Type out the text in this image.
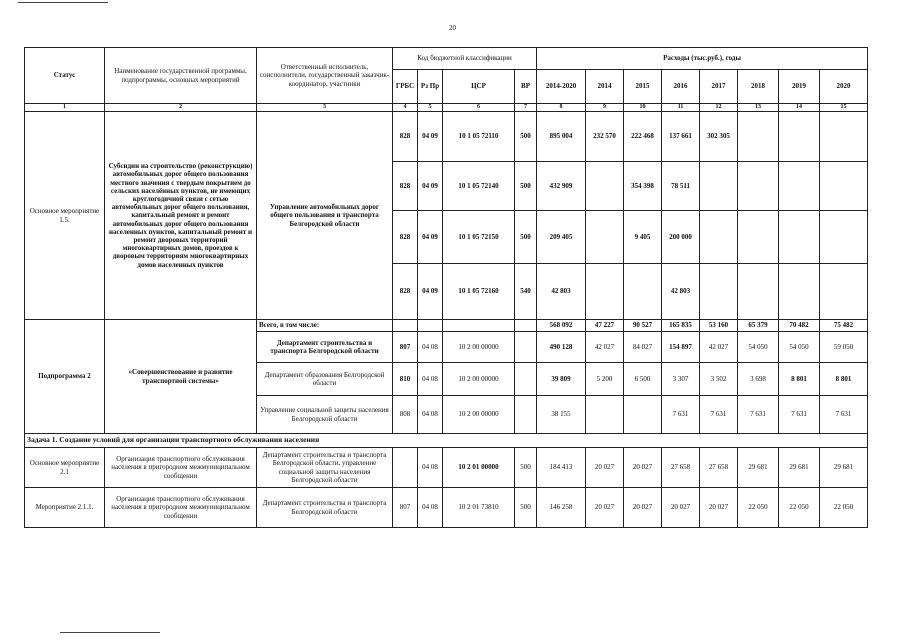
20
Статус	Наименование государственной программы, подпрограммы, основных мероприятий	Ответственный исполнитель, соисполнители, государственный заказчик-координатор, участники	Код бюджетной классификации				Расходы (тыс.руб.), годы							
			ГРБС	Рз Пр	ЦСР	ВР	2014-2020	2014	2015	2016	2017	2018	2019	2020
1	2	3	4	5	6	7	8	9	10	11	12	13	14	15
Основное мероприятие 1.5.	Субсидии на строительство (реконструкцию) автомобильных дорог общего пользования местного значения с твердым покрытием до сельских населённых пунктов, не имеющих круглогодичной связи с сетью автомобильных дорог общего пользования, капитальный ремонт и ремонт автомобильных дорог общего пользования населенных пунктов, капитальный ремонт и ремонт дворовых территорий многоквартирных домов, проездов к дворовым территориям многоквартирных домов населенных пунктов	Управление автомобильных дорог общего пользования и транспорта Белгородской области	828	04 09	10 1 05 72110	500	895 004	232 570	222 468	137 661	302 305			
			828	04 09	10 1 05 72140	500	432 909		354 398	78 511				
			828	04 09	10 1 05 72150	500	209 405		9 405	200 000				
			828	04 09	10 1 05 72160	540	42 803			42 803				
Подпрограмма 2	«Совершенствование и развитие транспортной системы»	Всего, в том числе:					568 092	47 227	90 527	165 835	53 160	65 379	70 482	75 482
		Департамент строительства и транспорта Белгородской области	807	04 08	10 2 00 00000		490 128	42 027	84 027	154 897	42 027	54 050	54 050	59 050
		Департамент образования Белгородской области	810	04 08	10 2 00 00000		39 809	5 200	6 500	3 307	3 502	3 698	8 801	8 801
		Управление социальной защиты населения Белгородской области	808	04 08	10 2 00 00000		38 155			7 631	7 631	7 631	7 631	7 631
Задача 1. Создание условий для организации транспортного обслуживания населения														
Основное мероприятие 2.1	Организация транспортного обслуживания населения в пригородном межмуниципальном сообщении	Департамент строительства и транспорта Белгородской области, управление социальной защиты населения Белгородской области		04 08	10 2 01 00000	500	184 413	20 027	20 027	27 658	27 658	29 681	29 681	29 681
Мероприятие 2.1.1.	Организация транспортного обслуживания населения в пригородном межмуниципальном сообщении	Департамент строительства и транспорта Белгородской области	807	04 08	10 2 01 73810	500	146 258	20 027	20 027	20 027	20 027	22 050	22 050	22 050
